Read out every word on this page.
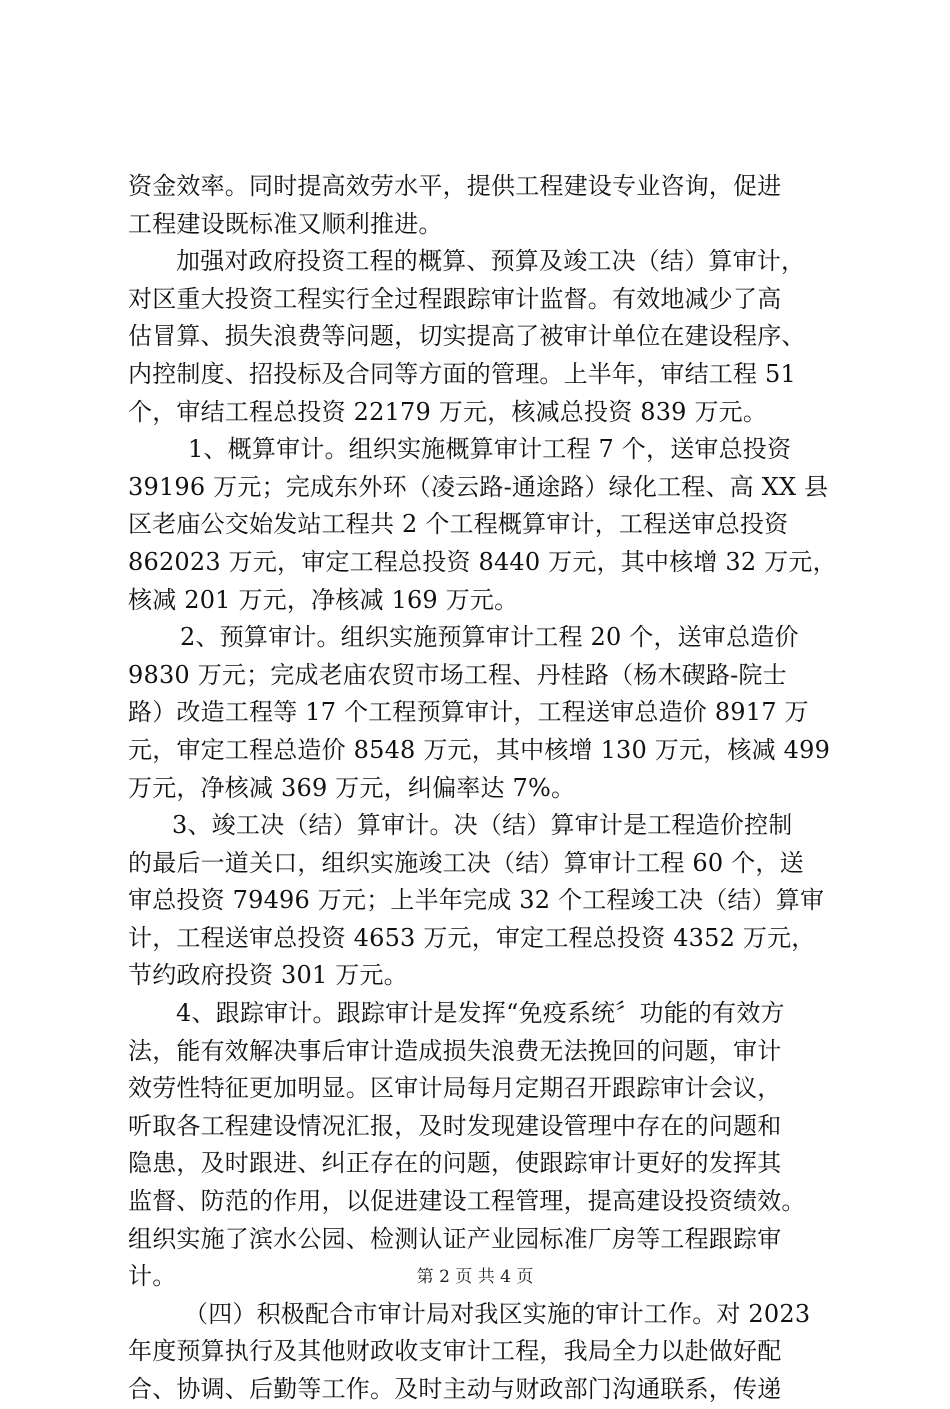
资金效率。同时提高效劳水平，提供工程建设专业咨询，促进
工程建设既标准又顺利推进。
加强对政府投资工程的概算、预算及竣工决（结）算审计，
对区重大投资工程实行全过程跟踪审计监督。有效地减少了高
估冒算、损失浪费等问题，切实提高了被审计单位在建设程序、
内控制度、招投标及合同等方面的管理。上半年，审结工程 51
个，审结工程总投资 22179 万元，核减总投资 839 万元。
1、概算审计。组织实施概算审计工程 7 个，送审总投资
39196 万元；完成东外环（凌云路-通途路）绿化工程、高 XX 县
区老庙公交始发站工程共 2 个工程概算审计，工程送审总投资
862023 万元，审定工程总投资 8440 万元，其中核增 32 万元，
核减 201 万元，净核减 169 万元。
2、预算审计。组织实施预算审计工程 20 个，送审总造价
9830 万元；完成老庙农贸市场工程、丹桂路（杨木碶路-院士
路）改造工程等 17 个工程预算审计，工程送审总造价 8917 万
元，审定工程总造价 8548 万元，其中核增 130 万元，核减 499
万元，净核减 369 万元，纠偏率达 7%。
3、竣工决（结）算审计。决（结）算审计是工程造价控制
的最后一道关口，组织实施竣工决（结）算审计工程 60 个，送
审总投资 79496 万元；上半年完成 32 个工程竣工决（结）算审
计，工程送审总投资 4653 万元，审定工程总投资 4352 万元，
节约政府投资 301 万元。
4、跟踪审计。跟踪审计是发挥“免疫系统〞功能的有效方
法，能有效解决事后审计造成损失浪费无法挽回的问题，审计
效劳性特征更加明显。区审计局每月定期召开跟踪审计会议，
听取各工程建设情况汇报，及时发现建设管理中存在的问题和
隐患，及时跟进、纠正存在的问题，使跟踪审计更好的发挥其
监督、防范的作用，以促进建设工程管理，提高建设投资绩效。
组织实施了滨水公园、检测认证产业园标准厂房等工程跟踪审
计。
（四）积极配合市审计局对我区实施的审计工作。对 2023
年度预算执行及其他财政收支审计工程，我局全力以赴做好配
合、协调、后勤等工作。及时主动与财政部门沟通联系，传递
第 2 页 共 4 页
